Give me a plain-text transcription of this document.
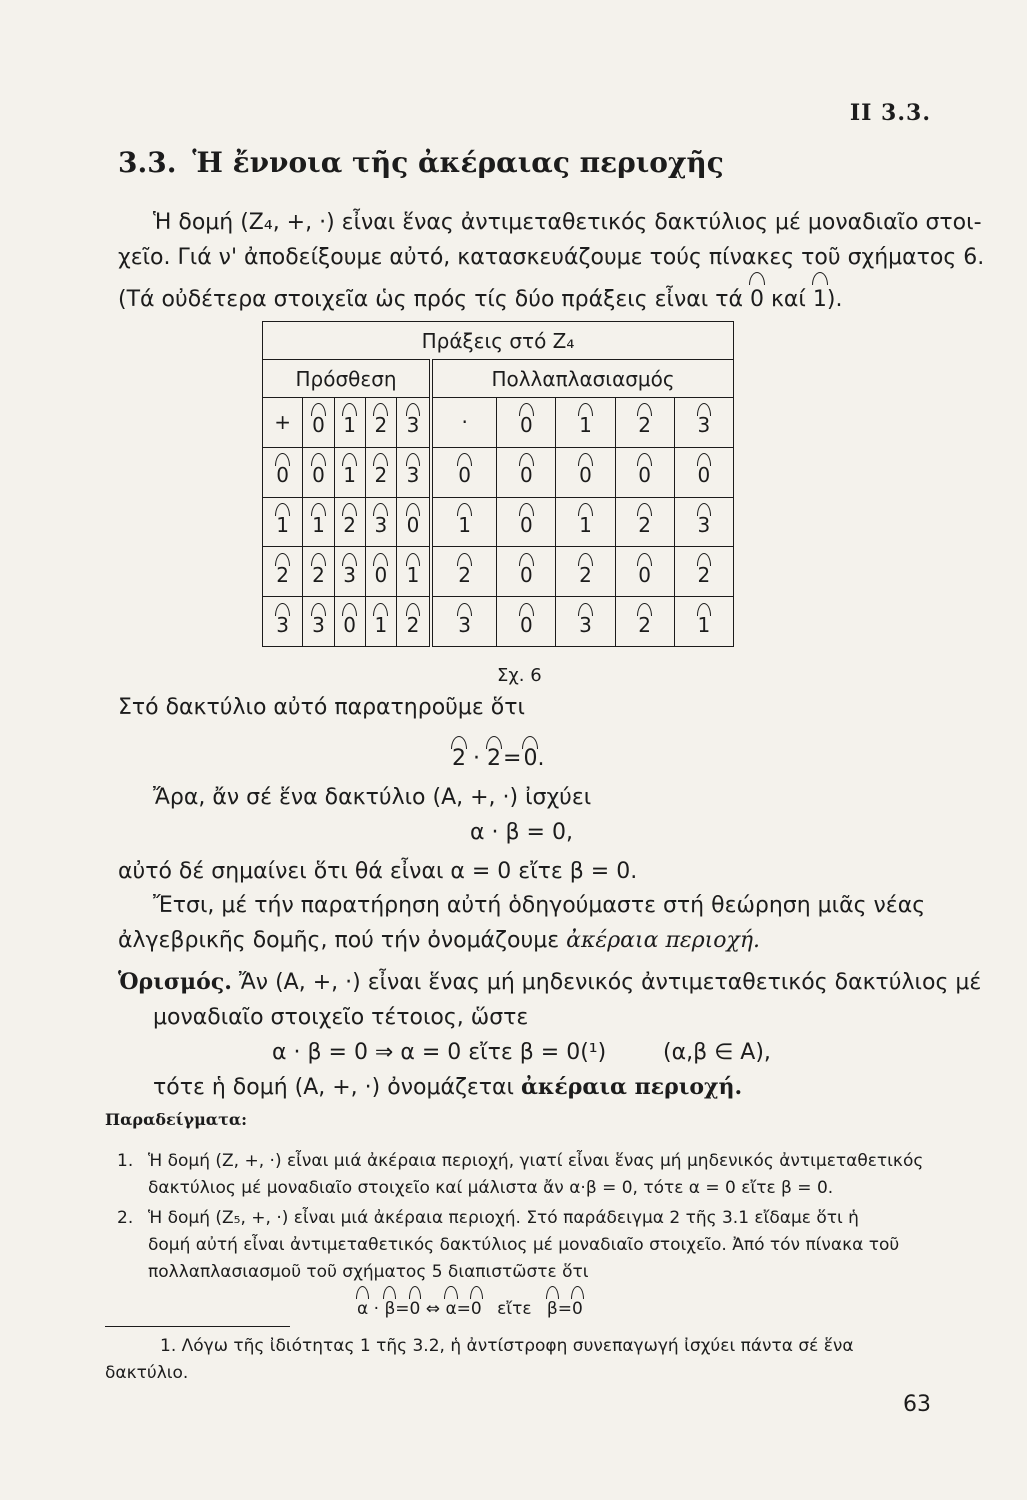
II 3.3.
3.3. Ἡ ἔννοια τῆς ἀκέραιας περιοχῆς
Ἡ δομή (Z₄, +, ·) εἶναι ἕνας ἀντιμεταθετικός δακτύλιος μέ μοναδιαῖο στοι-
χεῖο. Γιά ν' ἀποδείξουμε αὐτό, κατασκευάζουμε τούς πίνακες τοῦ σχήματος 6.
(Τά οὐδέτερα στοιχεῖα ὡς πρός τίς δύο πράξεις εἶναι τά 0 καί 1).
Πράξεις στό Z₄									
Πρόσθεση					Πολλαπλασιασμός				
+	0	1	2	3	·	0	1	2	3
0	0	1	2	3	0	0	0	0	0
1	1	2	3	0	1	0	1	2	3
2	2	3	0	1	2	0	2	0	2
3	3	0	1	2	3	0	3	2	1
Σχ. 6
Στό δακτύλιο αὐτό παρατηροῦμε ὅτι
2 · 2=0.
Ἄρα, ἄν σέ ἕνα δακτύλιο (A, +, ·) ἰσχύει
α · β = 0,
αὐτό δέ σημαίνει ὅτι θά εἶναι α = 0 εἴτε β = 0.
Ἔτσι, μέ τήν παρατήρηση αὐτή ὁδηγούμαστε στή θεώρηση μιᾶς νέας
ἀλγεβρικῆς δομῆς, πού τήν ὀνομάζουμε ἀκέραια περιοχή.
Ὁρισμός. Ἄν (A, +, ·) εἶναι ἕνας μή μηδενικός ἀντιμεταθετικός δακτύλιος μέ
μοναδιαῖο στοιχεῖο τέτοιος, ὥστε
α · β = 0 ⇒ α = 0 εἴτε β = 0(¹)	(α,β ∈ A),
τότε ἡ δομή (A, +, ·) ὀνομάζεται ἀκέραια περιοχή.
Παραδείγματα:
1. Ἡ δομή (Z, +, ·) εἶναι μιά ἀκέραια περιοχή, γιατί εἶναι ἕνας μή μηδενικός ἀντιμεταθετικός
δακτύλιος μέ μοναδιαῖο στοιχεῖο καί μάλιστα ἄν α·β = 0, τότε α = 0 εἴτε β = 0.
2. Ἡ δομή (Z₅, +, ·) εἶναι μιά ἀκέραια περιοχή. Στό παράδειγμα 2 τῆς 3.1 εἴδαμε ὅτι ἡ
δομή αὐτή εἶναι ἀντιμεταθετικός δακτύλιος μέ μοναδιαῖο στοιχεῖο. Ἀπό τόν πίνακα τοῦ
πολλαπλασιασμοῦ τοῦ σχήματος 5 διαπιστῶστε ὅτι
α · β=0 ⇔ α=0 εἴτε β=0
1. Λόγω τῆς ἰδιότητας 1 τῆς 3.2, ἡ ἀντίστροφη συνεπαγωγή ἰσχύει πάντα σέ ἕνα
δακτύλιο.
63
